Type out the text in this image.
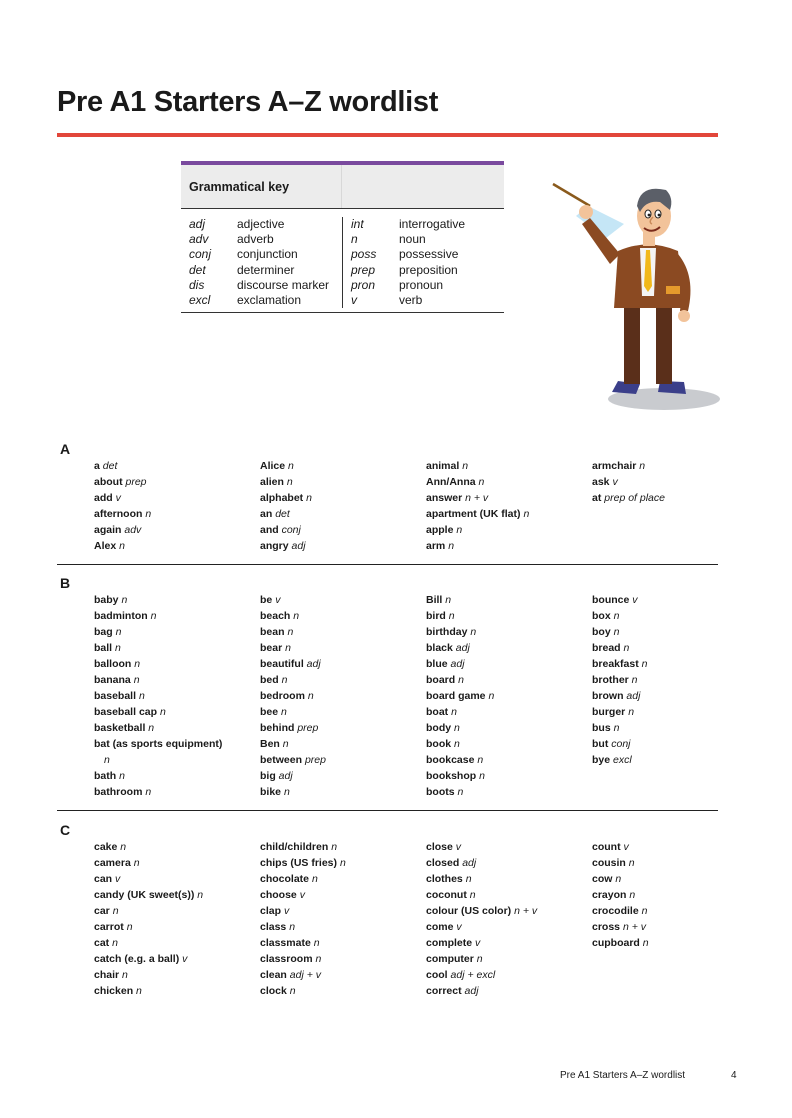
Pre A1 Starters A–Z wordlist
Grammatical key
adj	adjective
adv	adverb
conj	conjunction
det	determiner
dis	discourse marker
excl	exclamation
int	interrogative
n	noun
poss	possessive
prep	preposition
pron	pronoun
v	verb
A
a det
about prep
add v
afternoon n
again adv
Alex n
Alice n
alien n
alphabet n
an det
and conj
angry adj
animal n
Ann/Anna n
answer n + v
apartment (UK flat) n
apple n
arm n
armchair n
ask v
at prep of place
B
baby n
badminton n
bag n
ball n
balloon n
banana n
baseball n
baseball cap n
basketball n
bat (as sports equipment)
n
bath n
bathroom n
be v
beach n
bean n
bear n
beautiful adj
bed n
bedroom n
bee n
behind prep
Ben n
between prep
big adj
bike n
Bill n
bird n
birthday n
black adj
blue adj
board n
board game n
boat n
body n
book n
bookcase n
bookshop n
boots n
bounce v
box n
boy n
bread n
breakfast n
brother n
brown adj
burger n
bus n
but conj
bye excl
C
cake n
camera n
can v
candy (UK sweet(s)) n
car n
carrot n
cat n
catch (e.g. a ball) v
chair n
chicken n
child/children n
chips (US fries) n
chocolate n
choose v
clap v
class n
classmate n
classroom n
clean adj + v
clock n
close v
closed adj
clothes n
coconut n
colour (US color) n + v
come v
complete v
computer n
cool adj + excl
correct adj
count v
cousin n
cow n
crayon n
crocodile n
cross n + v
cupboard n
Pre A1 Starters A–Z wordlist	4
